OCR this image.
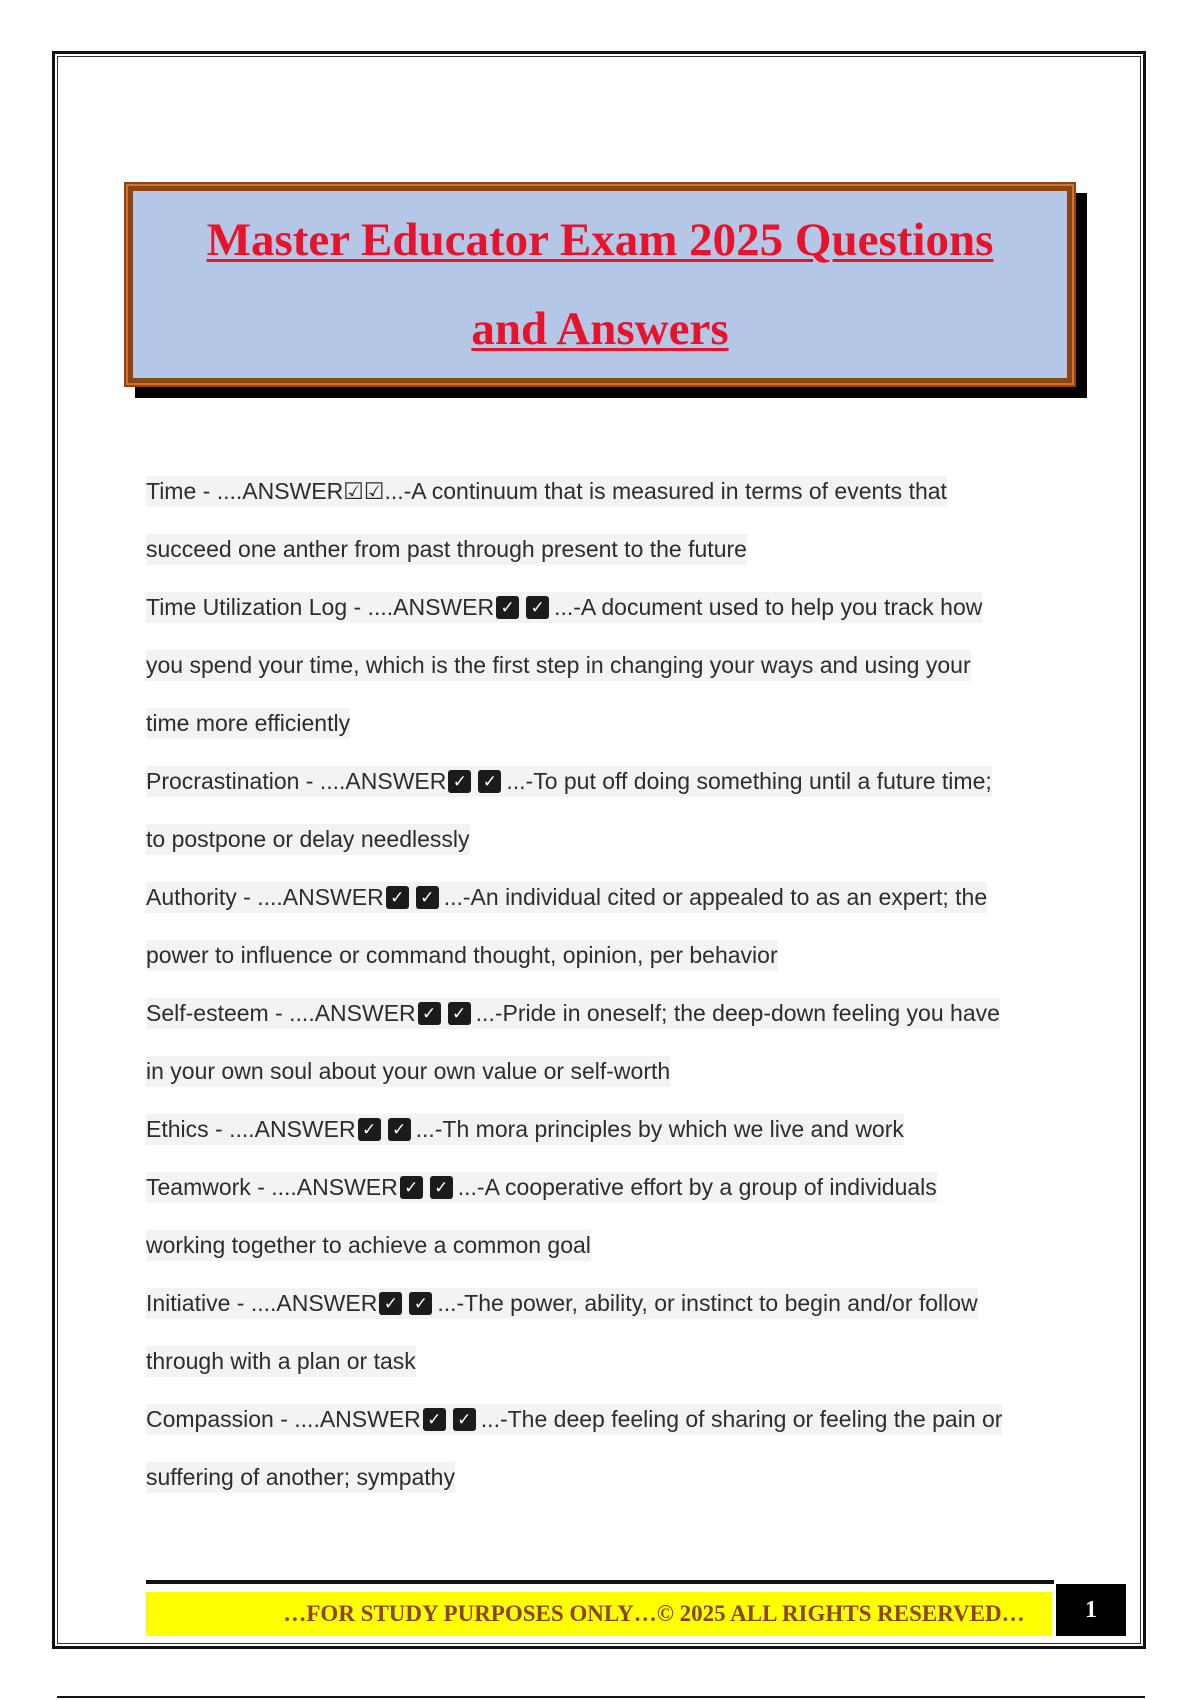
Master Educator Exam 2025 Questions
and Answers
Time - ....ANSWER☑☑...-A continuum that is measured in terms of events that
succeed one anther from past through present to the future
Time Utilization Log - ....ANSWER ✓ ✓ ...-A document used to help you track how
you spend your time, which is the first step in changing your ways and using your
time more efficiently
Procrastination - ....ANSWER ✓ ✓ ...-To put off doing something until a future time;
to postpone or delay needlessly
Authority - ....ANSWER ✓ ✓ ...-An individual cited or appealed to as an expert; the
power to influence or command thought, opinion, per behavior
Self-esteem - ....ANSWER ✓ ✓ ...-Pride in oneself; the deep-down feeling you have
in your own soul about your own value or self-worth
Ethics - ....ANSWER ✓ ✓ ...-Th mora principles by which we live and work
Teamwork - ....ANSWER ✓ ✓ ...-A cooperative effort by a group of individuals
working together to achieve a common goal
Initiative - ....ANSWER ✓ ✓ ...-The power, ability, or instinct to begin and/or follow
through with a plan or task
Compassion - ....ANSWER ✓ ✓ ...-The deep feeling of sharing or feeling the pain or
suffering of another; sympathy
…FOR STUDY PURPOSES ONLY…© 2025 ALL RIGHTS RESERVED…	1
